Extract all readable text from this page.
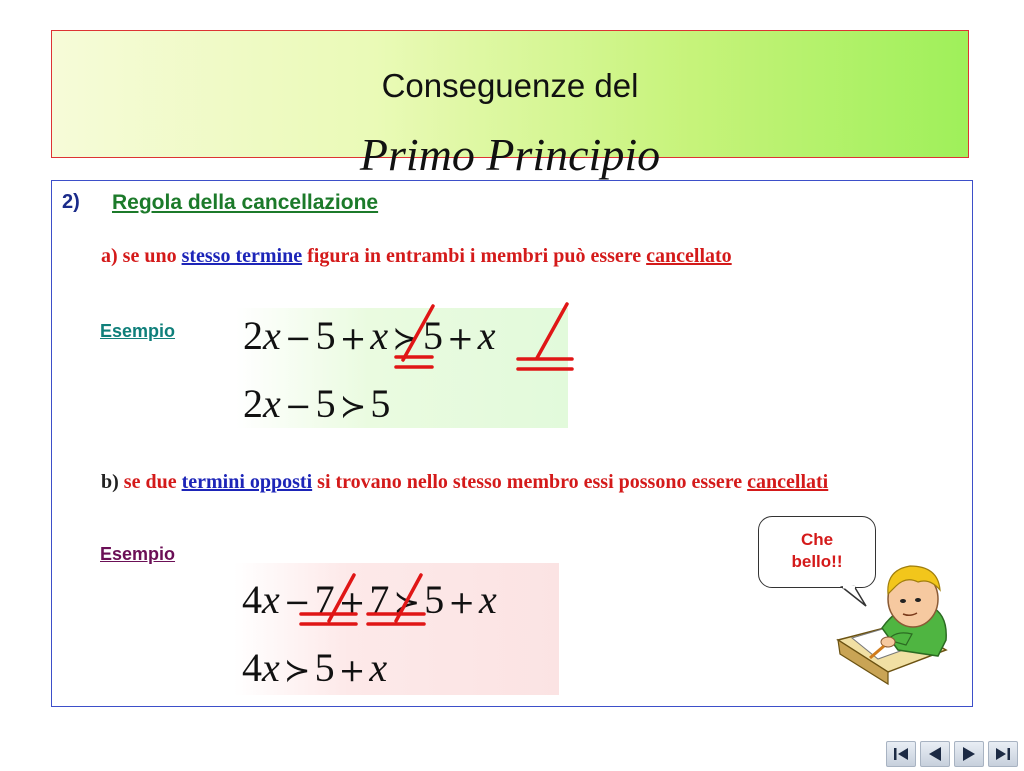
Conseguenze del
Primo Principio
2) Regola della cancellazione
a) se uno stesso termine figura in entrambi i membri può essere cancellato
Esempio 2x − 5 + x ≻ 5 + x
2x − 5 ≻ 5
b) se due termini opposti si trovano nello stesso membro essi possono essere cancellati
Esempio
4x − 7 + 7 ≻ 5 + x
4x ≻ 5 + x
Che
bello!!
